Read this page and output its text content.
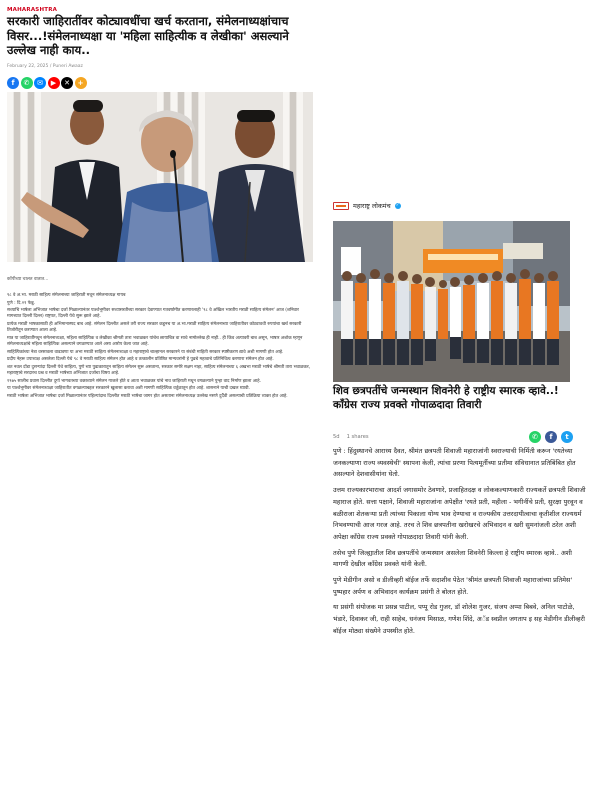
MAHARASHTRA
सरकारी जाहिरातींवर कोट्यावधींचा खर्च करताना, संमेलनाध्यक्षांचाच विसर...!संमेलनाध्यक्षा या 'महिला साहित्यीक व लेखीका' असल्याने उल्लेख नाही काय..
February 22, 2025 / Puneri Awaaz
f	✆	✉	▶	✕	+
कॉपीच्या चालत वातात...

९८ वे अ.भा. मराठी साहित्य संमेलनाच्या जाहिराती मधून संमेलनाध्यक्ष गायब

पुणे : दि.२१ फेब्रु.

सध्याचि भाषेला अभिजात भाषेचा दर्जा मिळाल्यानंतर पार्श्वभूमीवर सध्यासरतीच्या सरकार देवाण्यात गतवर्षामीत करणारलाही '९८ वे अखिल भारतीय मराठी साहित्य संमेलन' आज (शनिवार मागच्यात दिल्ली दिल्ल) राष्ट्रपत, दिल्ली येथे सुरू झाले आहे.

प्रत्येक मराठी भाषकासाठी ही अभिमानास्पद बाब आहे. संमेलन दिल्लीत असले तरी राज्य सरकार कडूनच या अ.भा.मराठी साहित्य संमेलनाच्या जाहिरातीवर कोट्यावधी रुपयांचा खर्च सरकारी तिजोरीतून करण्यात आला आहे.

मात्र या जाहिरातींमधून संमेलनाध्यक्षा, महिला साहित्यिक व लेखीका श्रीमती तारा भवाळकर यांचेच छायाचित्र वा साधे नामोल्लेख ही नाही.. ही किंव अत्यावरी बाब असून, भाषार अशोक म्हणून संमेलनाध्यक्षांचे महिला साहित्यिक असल्याने वगळण्यात आले असा आरोप केला जात आहे.

साहित्यिकांच्या नेत्रा वरसावला वाढावणा या अभा मराठी साहित्य संमेलनाध्यक्षा व महाराष्ट्राचे चाल्हानल सरकारने या संबंधी माहिती सरकार स्पष्टीकरण द्यावे अशी मागणी होत आहे.

प्रदीप नेहरू उपाध्यक्ष असलेला दिल्ली येथे ९८ वे मराठी साहित्य संमेलन होत आहे व तत्कालीन प्रतिष्ठित मान्यवरांनी हे पुढचे महत्वाचे प्रतिनिधित्व करणारा संमेलन होत आहे.

शत नवल दोंडा दुसऱ्यांदा दिल्ली येथे साहित्य, पुणे च्या पुढाकारातून साहित्य संमेलन सुरू असताना, सरकार समोरे सक्षम नाहा, साहित्य संमेलनाच्या ६ अखभा मराठी भाषेचे श्रीमती तारा भवाळकर, महाराष्ट्राचे सरदारच प्रश्न व मराठी भाषेच्या अभिजात दर्जाचा विषय आहे.

१९७५ सालीच प्रवास दिल्लीत दुर्गा भागवतच्या वक्तव्याने संमेलन गाजले होते व आता भवाळकर यांचे नाव जाहिराती मधून वगळल्याने पुन्हा वाद निर्माण झाला आहे.

या पार्श्वभूमीवर संमेलनाध्यक्षा जाहिरातीत वगळल्याबद्दल सरकारने खुलासा करावा अशी मागणी साहित्यिक वर्तुळातून होत आहे. शासनाने याची दखल घ्यावी.

मराठी भाषेला अभिजात भाषेचा दर्जा मिळाल्यानंतर पहिल्यांदाच दिल्लीत मराठी भाषेचा जागर होत असताना संमेलनाध्यक्ष उल्लेख नसणे दुर्दैवी असल्याची प्रतिक्रिया व्यक्त होत आहे.

महाराष्ट्र लोकमंच ✓
शिव छत्रपतींचे जन्मस्थान शिवनेरी हे राष्ट्रीय स्मारक व्हावे..! कॉंग्रेस राज्य प्रवक्ते गोपाळदादा तिवारी
5d 1 shares	✆	f	t

पुणे : हिंदुस्थानचे आराध्य दैवत, श्रीमंत छत्रपती शिवाजी महाराजांनी स्वराज्याची निर्मिती करून 'रयतेच्या जनकल्याणा राज्य व्यवस्थेची' स्थापना केली, त्यांचा प्ररणा पित्यमूर्तीच्या प्रतीमा संविधानात प्रतिबिंबित होत असल्याने देशवासीयांना घेतो.

उत्तम राज्यकारभाराचा आदर्श जगासमोर ठेवणारे, प्रजाहितदक्ष व लोककल्याणकारी राज्यकर्ते छत्रपती शिवाजी महाराज होते. सत्ता पक्षाने, शिवाजी महाराजांना अपेक्षीत 'रयते प्रती, महीला - भगीनींचे प्रती, सुरक्षा पुरवून व बळीराजा शेतकऱ्या प्रती त्यांच्या पिकाला योग्य भाव देण्याचा व राज्यकीय उत्तरदायीत्वाचा कृतीशील राज्यधर्म निभवण्याची आज गरज आहे. तरच ते शिव छत्रपतीना खरोखरचे अभिवादन व खरी सुमनांजली ठरेल अशी अपेक्षा कॉंग्रेस राज्य प्रवक्ते गोपाळदादा तिवारी यांनी केली.

तसेच पुणे जिल्ह्यातील शिव छत्रपतींचे जन्मस्थान असलेला शिवनेरी किल्ला हे राष्ट्रीय स्मारक व्हावे.. अशी मागणी देखील कॉंग्रेस प्रवक्ते यांनी केली.

पुणे मेडीगीन असो व डीलीव्हरी बॉईज तर्फे सदाशीव पेठेत 'श्रीमंत छत्रपती शिवाजी महाराजांच्या प्रतिमेस' पुष्पहार अर्पण व अभिवादन कार्यक्रम प्रसंगी ते बोलत होते.

या प्रसंगी संयोजक मा प्रसन्न पाटील, पप्पू रोड गुजर, डॉ शोलेश गुजर, संजय अप्पा बिबवे, अनिल पाटोळे, भंडारे, दिवाकर जी, राही साहेब, धनंजय मिसाळ, गणेश शिंदे, अॅड स्वप्नील जगताप इ सह मेडीगीन डीलीव्हरी बॉईज मोठ्या संख्येने उपस्थीत होते.
